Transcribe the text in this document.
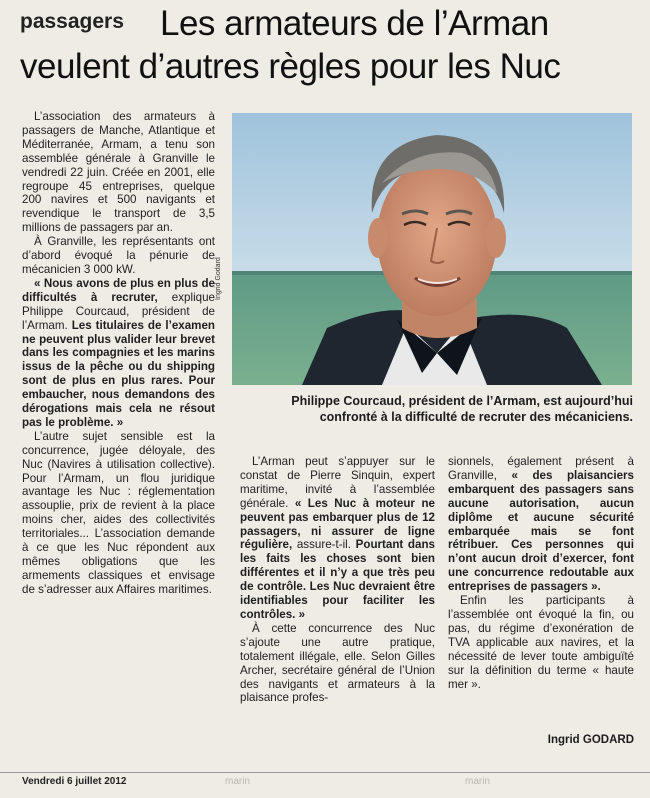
Les armateurs de l’Arman
veulent d’autres règles pour les Nuc
passagers

L’association des armateurs à passagers de Manche, Atlantique et Méditerranée, Armam, a tenu son assemblée générale à Granville le vendredi 22 juin. Créée en 2001, elle regroupe 45 entreprises, quelque 200 navires et 500 navigants et revendique le transport de 3,5 millions de passagers par an.

À Granville, les représentants ont d’abord évoqué la pénurie de mécanicien 3 000 kW.

« Nous avons de plus en plus de difficultés à recruter, explique Philippe Courcaud, président de l’Armam. Les titulaires de l’examen ne peuvent plus valider leur brevet dans les compagnies et les marins issus de la pêche ou du shipping sont de plus en plus rares. Pour embaucher, nous demandons des dérogations mais cela ne résout pas le problème. »

L’autre sujet sensible est la concurrence, jugée déloyale, des Nuc (Navires à utilisation collective). Pour l’Armam, un flou juridique avantage les Nuc : réglementation assouplie, prix de revient à la place moins cher, aides des collectivités territoriales... L’association demande à ce que les Nuc répondent aux mêmes obligations que les armements classiques et envisage de s’adresser aux Affaires maritimes.

Ingrid Godard
Philippe Courcaud, président de l’Armam, est aujourd’hui confronté à la difficulté de recruter des mécaniciens.

L’Arman peut s’appuyer sur le constat de Pierre Sinquin, expert maritime, invité à l’assemblée générale. « Les Nuc à moteur ne peuvent pas embarquer plus de 12 passagers, ni assurer de ligne régulière, assure-t-il. Pourtant dans les faits les choses sont bien différentes et il n’y a que très peu de contrôle. Les Nuc devraient être identifiables pour faciliter les contrôles. »

À cette concurrence des Nuc s’ajoute une autre pratique, totalement illégale, elle. Selon Gilles Archer, secrétaire général de l’Union des navigants et armateurs à la plaisance profes-

sionnels, également présent à Granville, « des plaisanciers embarquent des passagers sans aucune autorisation, aucun diplôme et aucune sécurité embarquée mais se font rétribuer. Ces personnes qui n’ont aucun droit d’exercer, font une concurrence redoutable aux entreprises de passagers ».

Enfin les participants à l’assemblée ont évoqué la fin, ou pas, du régime d’exonération de TVA applicable aux navires, et la nécessité de lever toute ambiguïté sur la définition du terme « haute mer ».

Ingrid GODARD
Vendredi 6 juillet 2012	marin	marin
